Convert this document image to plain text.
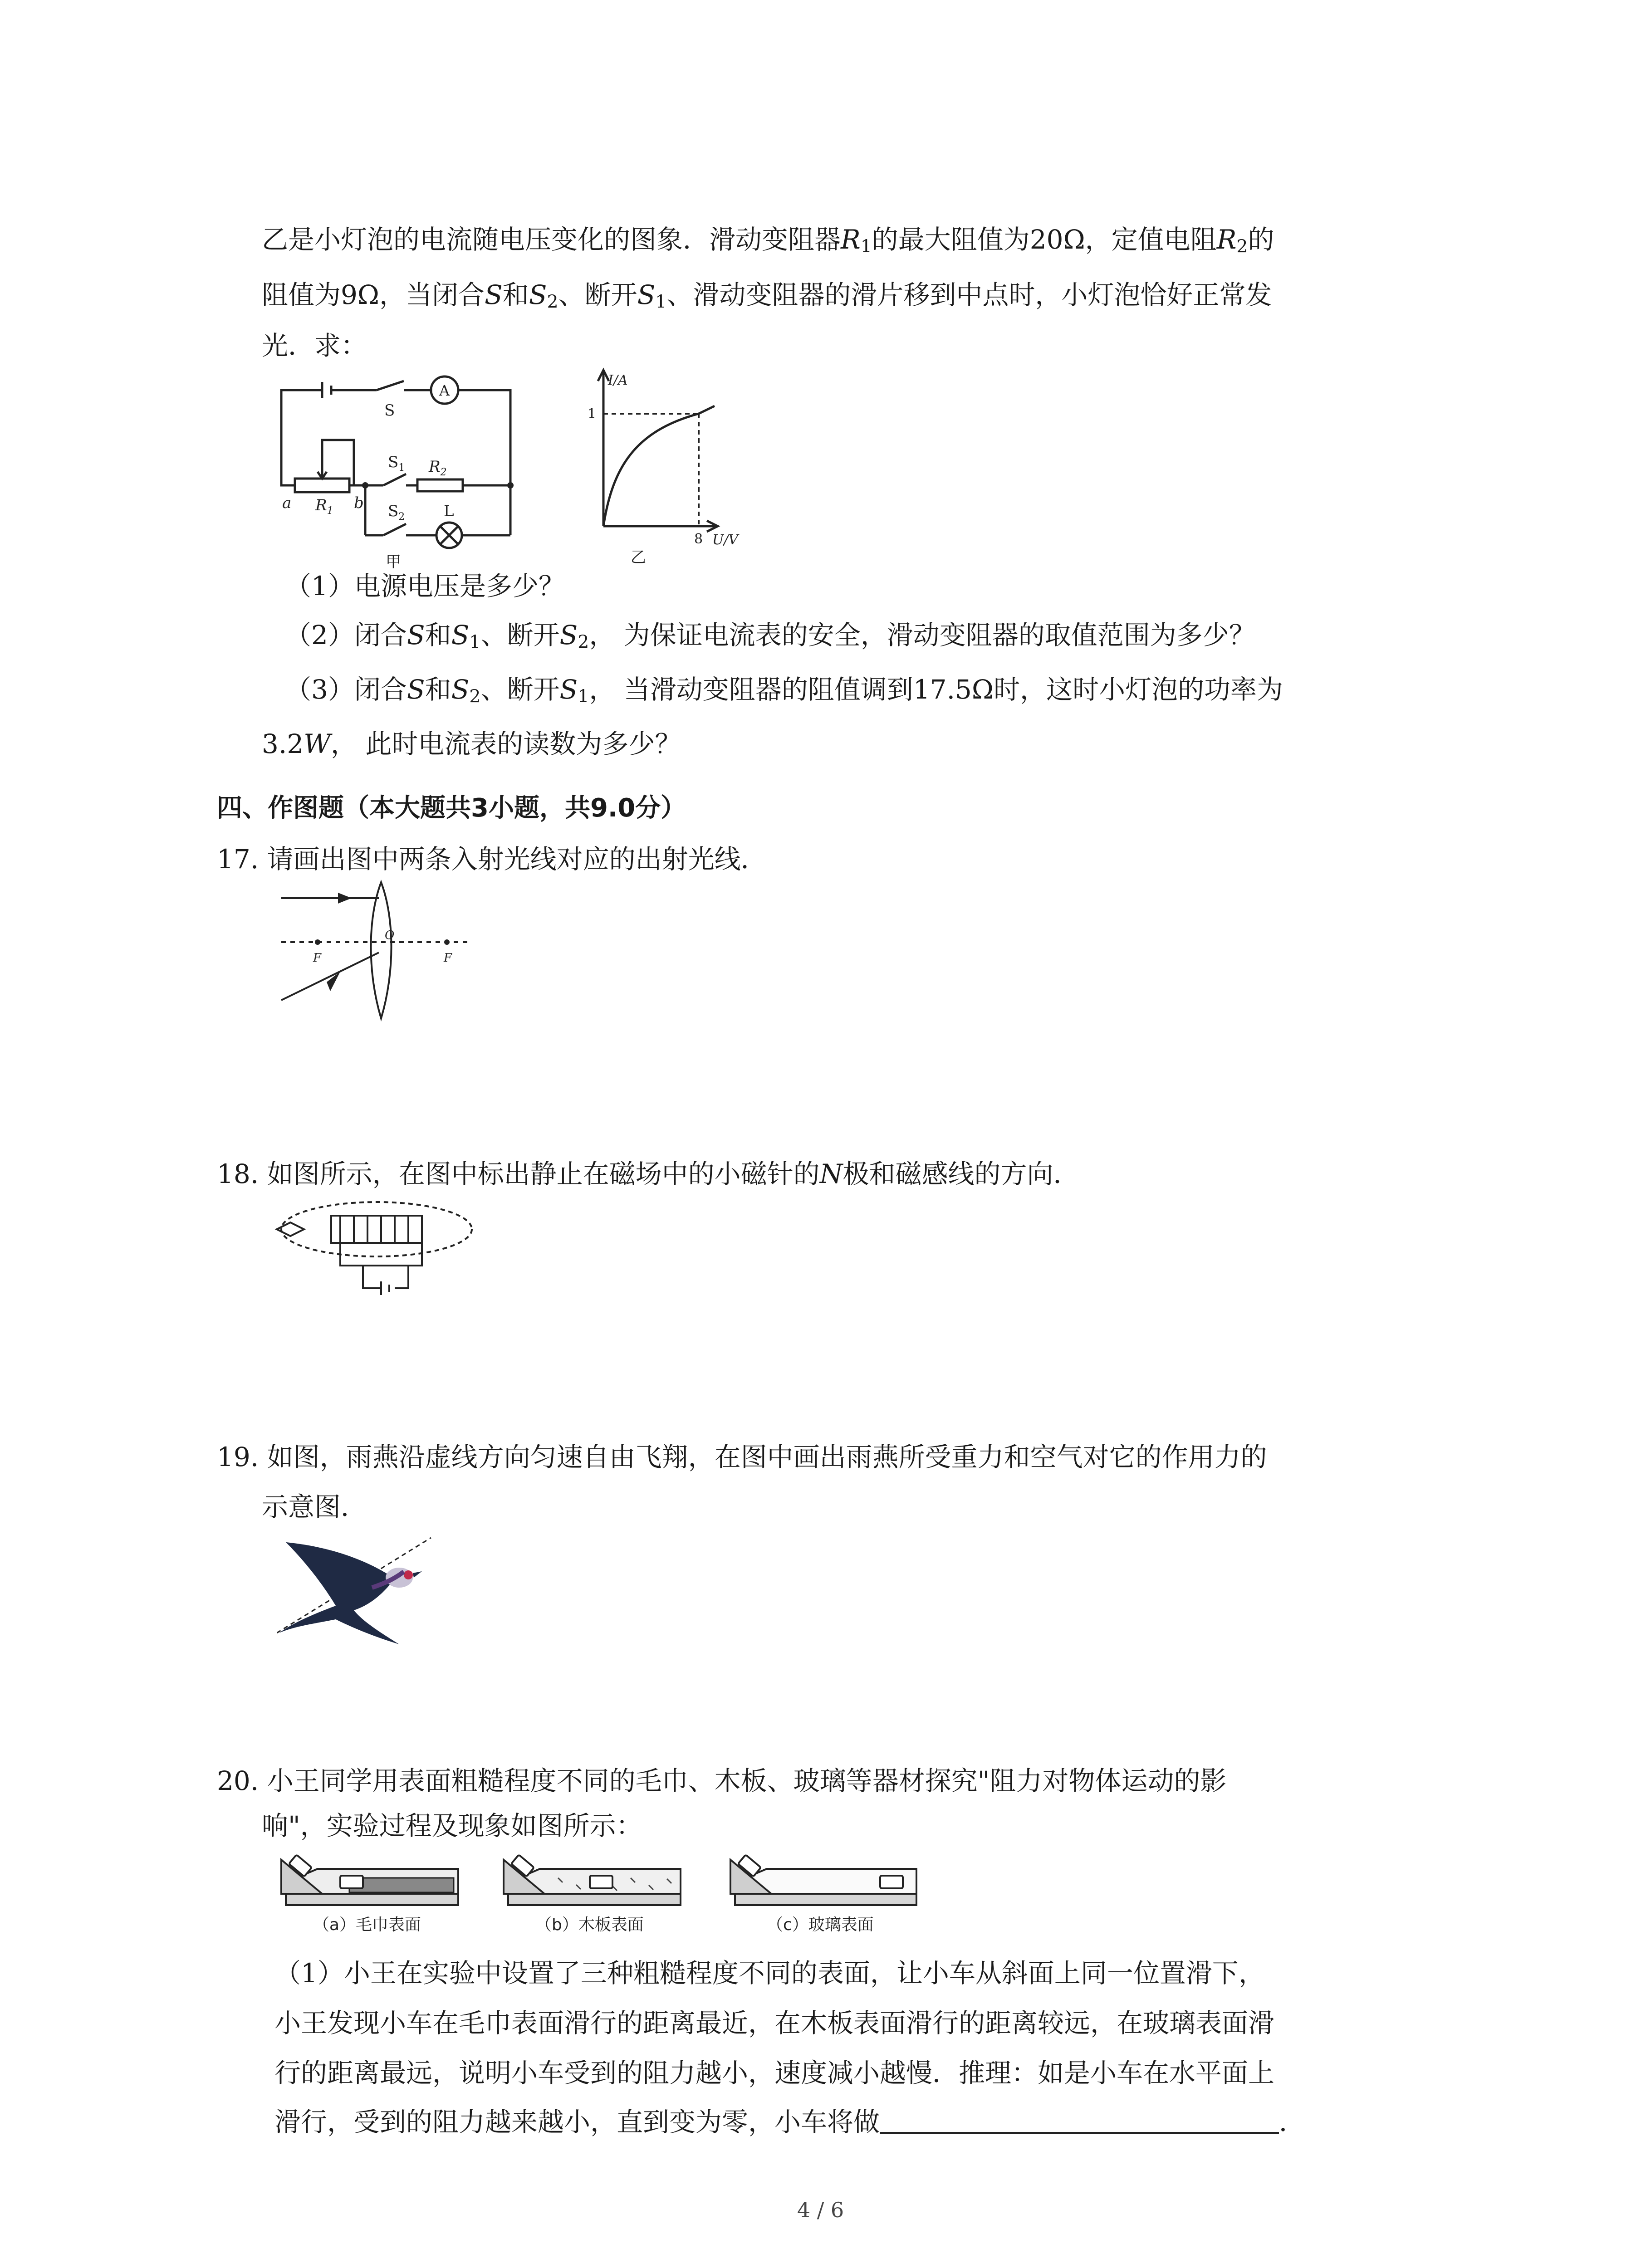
乙是小灯泡的电流随电压变化的图象．滑动变阻器$R_1$的最大阻值为20Ω，定值电阻$R_2$的
阻值为9Ω，当闭合S和$S_2$、断开$S_1$、滑动变阻器的滑片移到中点时，小灯泡恰好正常发
光．求：
S
A
$S_1$ $R_2$
$S_2$	L
a	b
$R_1$
甲
I/A
1
8 U/V
乙
（1）电源电压是多少？
（2）闭合S和$S_1$、断开$S_2$， 为保证电流表的安全，滑动变阻器的取值范围为多少？
（3）闭合S和$S_2$、断开$S_1$， 当滑动变阻器的阻值调到17.5Ω时，这时小灯泡的功率为
3.2W， 此时电流表的读数为多少？
四、作图题（本大题共3小题，共9.0分）
17. 请画出图中两条入射光线对应的出射光线．
O
F	F
18. 如图所示，在图中标出静止在磁场中的小磁针的N极和磁感线的方向．
19. 如图，雨燕沿虚线方向匀速自由飞翔，在图中画出雨燕所受重力和空气对它的作用力的
示意图．
20. 小王同学用表面粗糙程度不同的毛巾、木板、玻璃等器材探究"阻力对物体运动的影
响"，实验过程及现象如图所示：
（a）毛巾表面	（b）木板表面	（c）玻璃表面
（1）小王在实验中设置了三种粗糙程度不同的表面，让小车从斜面上同一位置滑下，
小王发现小车在毛巾表面滑行的距离最近，在木板表面滑行的距离较远，在玻璃表面滑
行的距离最远，说明小车受到的阻力越小，速度减小越慢．推理：如是小车在水平面上
滑行，受到的阻力越来越小，直到变为零，小车将做	．
4 / 6
